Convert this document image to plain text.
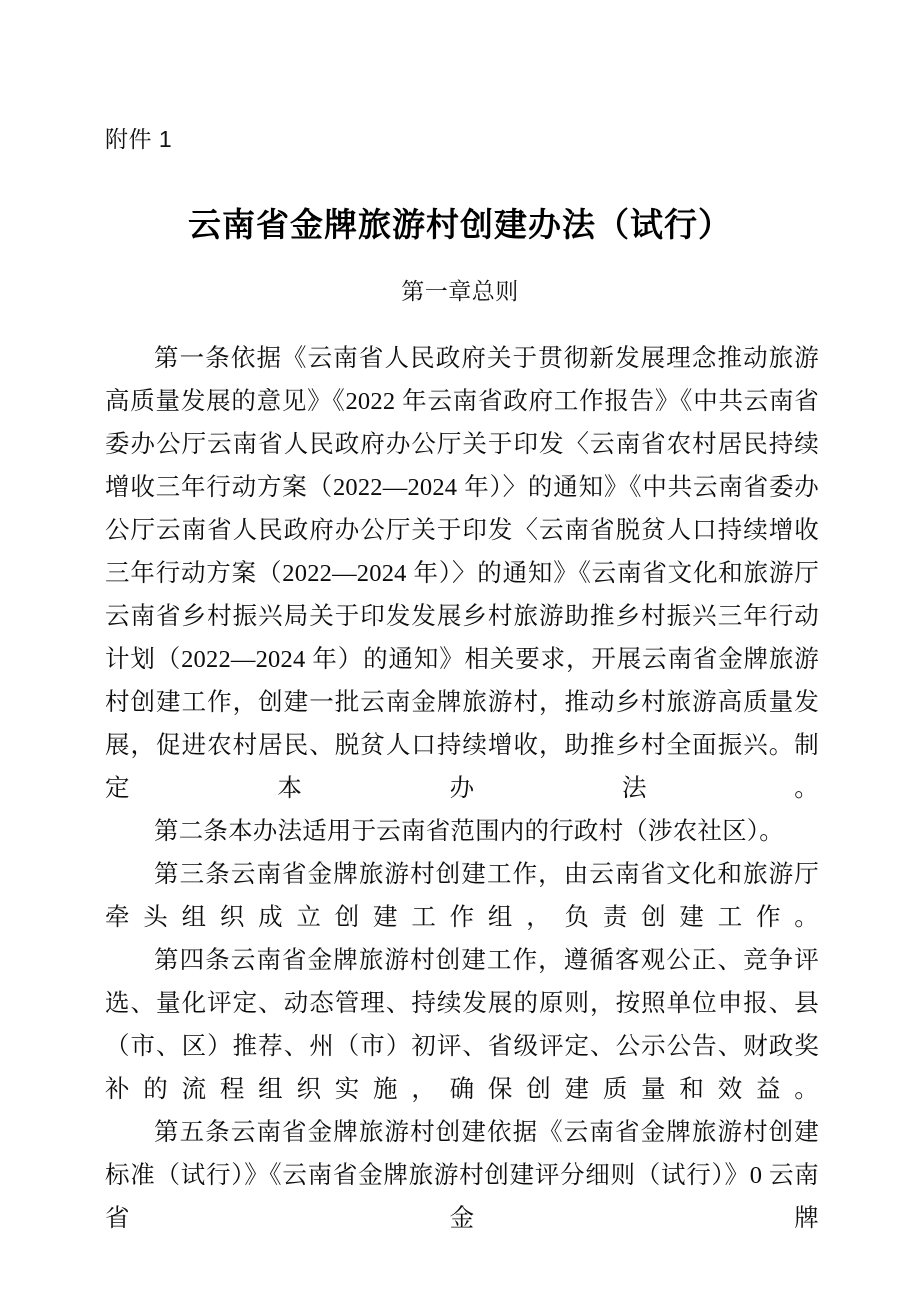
附件 1
云南省金牌旅游村创建办法（试行）
第一章总则

第一条依据《云南省人民政府关于贯彻新发展理念推动旅游高质量发展的意见》《2022 年云南省政府工作报告》《中共云南省委办公厅云南省人民政府办公厅关于印发〈云南省农村居民持续增收三年行动方案（2022—2024 年）〉的通知》《中共云南省委办公厅云南省人民政府办公厅关于印发〈云南省脱贫人口持续增收三年行动方案（2022—2024 年）〉的通知》《云南省文化和旅游厅云南省乡村振兴局关于印发发展乡村旅游助推乡村振兴三年行动计划（2022—2024 年）的通知》相关要求，开展云南省金牌旅游村创建工作，创建一批云南金牌旅游村，推动乡村旅游高质量发展，促进农村居民、脱贫人口持续增收，助推乡村全面振兴。制定本办法。

第二条本办法适用于云南省范围内的行政村（涉农社区）。

第三条云南省金牌旅游村创建工作，由云南省文化和旅游厅牵头组织成立创建工作组，负责创建工作。

第四条云南省金牌旅游村创建工作，遵循客观公正、竞争评选、量化评定、动态管理、持续发展的原则，按照单位申报、县（市、区）推荐、州（市）初评、省级评定、公示公告、财政奖补的流程组织实施，确保创建质量和效益。

第五条云南省金牌旅游村创建依据《云南省金牌旅游村创建标准（试行）》《云南省金牌旅游村创建评分细则（试行）》0 云南省金牌
